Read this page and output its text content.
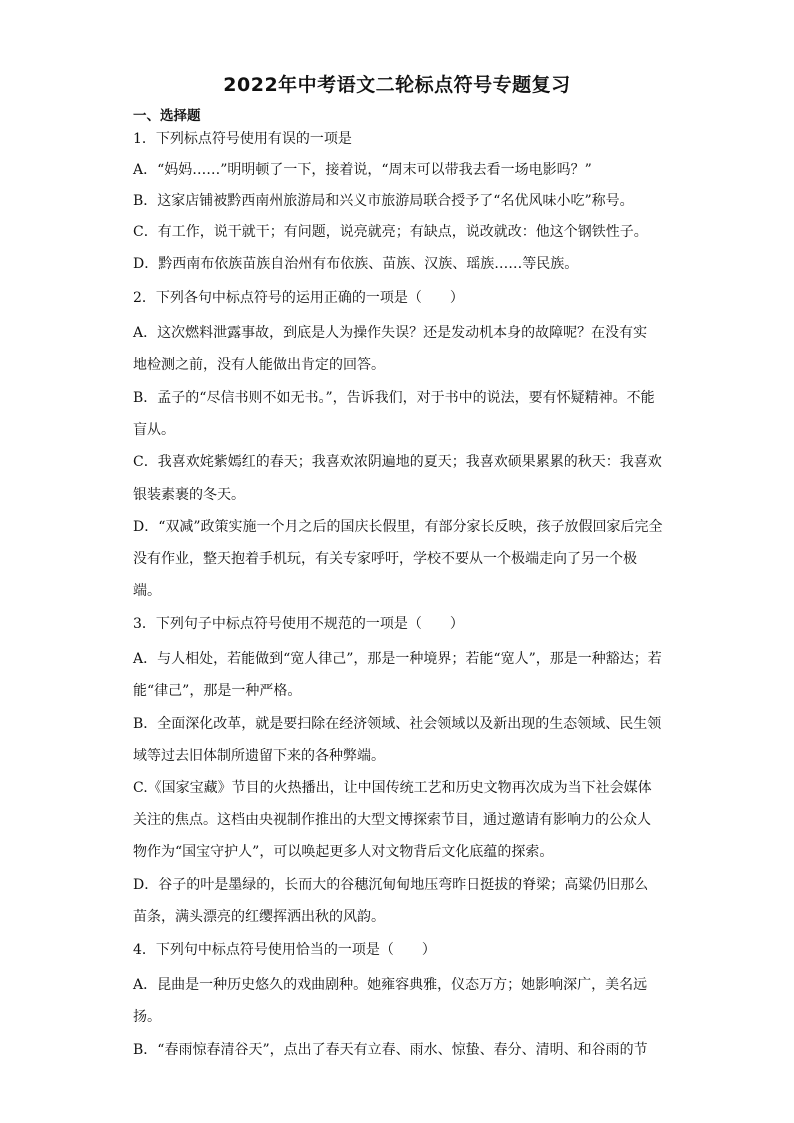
2022年中考语文二轮标点符号专题复习
一、选择题
1．下列标点符号使用有误的一项是
A．“妈妈……”明明顿了一下，接着说，“周末可以带我去看一场电影吗？”
B．这家店铺被黔西南州旅游局和兴义市旅游局联合授予了“名优风味小吃”称号。
C．有工作，说干就干；有问题，说亮就亮；有缺点，说改就改：他这个钢铁性子。
D．黔西南布依族苗族自治州有布依族、苗族、汉族、瑶族……等民族。
2．下列各句中标点符号的运用正确的一项是（　　）
A．这次燃料泄露事故，到底是人为操作失误？还是发动机本身的故障呢？在没有实
地检测之前，没有人能做出肯定的回答。
B．孟子的“尽信书则不如无书。”，告诉我们，对于书中的说法，要有怀疑精神。不能
盲从。
C．我喜欢姹紫嫣红的春天；我喜欢浓阴遍地的夏天；我喜欢硕果累累的秋天：我喜欢
银装素裹的冬天。
D．“双减”政策实施一个月之后的国庆长假里，有部分家长反映，孩子放假回家后完全
没有作业，整天抱着手机玩，有关专家呼吁，学校不要从一个极端走向了另一个极
端。
3．下列句子中标点符号使用不规范的一项是（　　）
A．与人相处，若能做到“宽人律己”，那是一种境界；若能“宽人”，那是一种豁达；若
能“律己”，那是一种严格。
B．全面深化改革，就是要扫除在经济领域、社会领域以及新出现的生态领域、民生领
域等过去旧体制所遗留下来的各种弊端。
C.《国家宝藏》节目的火热播出，让中国传统工艺和历史文物再次成为当下社会媒体
关注的焦点。这档由央视制作推出的大型文博探索节目，通过邀请有影响力的公众人
物作为“国宝守护人”，可以唤起更多人对文物背后文化底蕴的探索。
D．谷子的叶是墨绿的，长而大的谷穗沉甸甸地压弯昨日挺拔的脊梁；高粱仍旧那么
苗条，满头漂亮的红缨挥洒出秋的风韵。
4．下列句中标点符号使用恰当的一项是（　　）
A．昆曲是一种历史悠久的戏曲剧种。她雍容典雅，仪态万方；她影响深广，美名远
扬。
B．“春雨惊春清谷天”，点出了春天有立春、雨水、惊蛰、春分、清明、和谷雨的节
